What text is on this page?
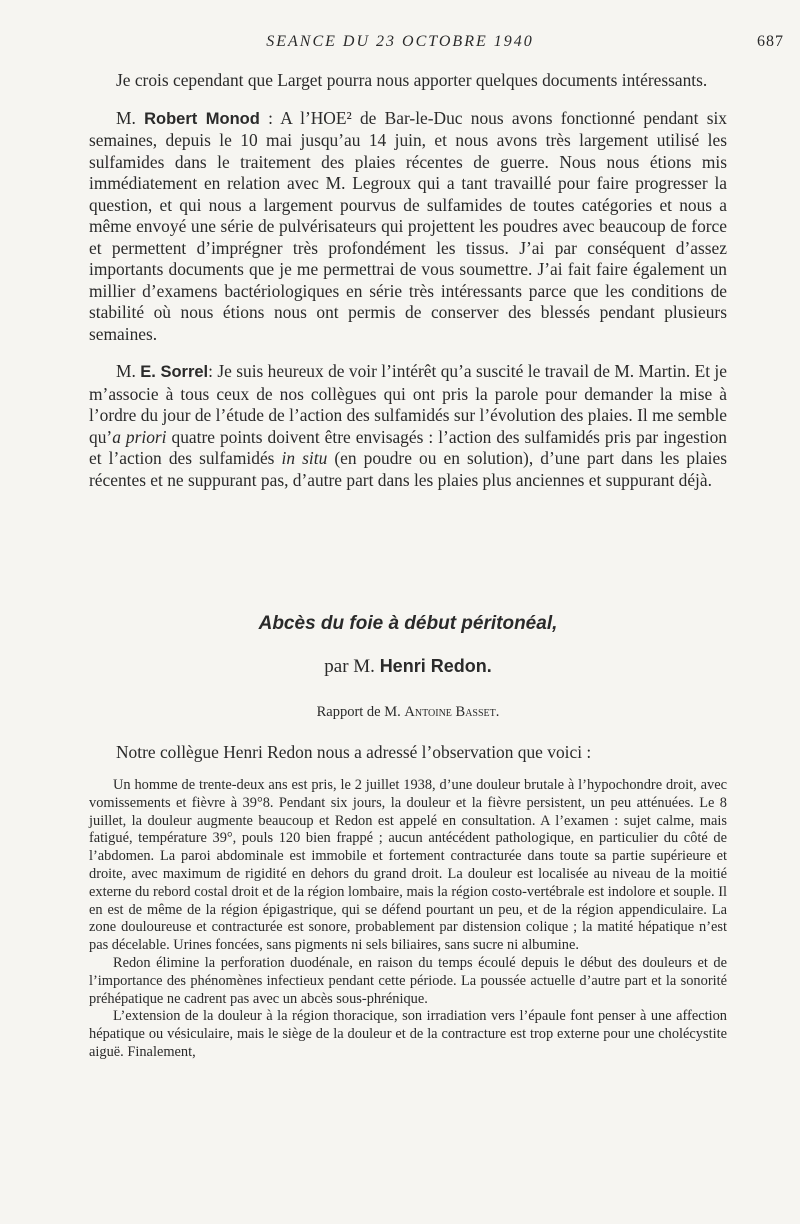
SEANCE DU 23 OCTOBRE 1940	687

Je crois cependant que Larget pourra nous apporter quelques documents intéressants.

M. Robert Monod : A l’HOE² de Bar-le-Duc nous avons fonctionné pendant six semaines, depuis le 10 mai jusqu’au 14 juin, et nous avons très largement utilisé les sulfamides dans le traitement des plaies récentes de guerre. Nous nous étions mis immédiatement en relation avec M. Legroux qui a tant travaillé pour faire progresser la question, et qui nous a largement pourvus de sulfamides de toutes catégories et nous a même envoyé une série de pulvérisateurs qui projettent les poudres avec beaucoup de force et permettent d’imprégner très profondément les tissus. J’ai par conséquent d’assez importants documents que je me permettrai de vous soumettre. J’ai fait faire également un millier d’examens bactériologiques en série très intéressants parce que les conditions de stabilité où nous étions nous ont permis de conserver des blessés pendant plusieurs semaines.

M. E. Sorrel: Je suis heureux de voir l’intérêt qu’a suscité le travail de M. Martin. Et je m’associe à tous ceux de nos collègues qui ont pris la parole pour demander la mise à l’ordre du jour de l’étude de l’action des sulfamidés sur l’évolution des plaies. Il me semble qu’a priori quatre points doivent être envisagés : l’action des sulfamidés pris par ingestion et l’action des sulfamidés in situ (en poudre ou en solution), d’une part dans les plaies récentes et ne suppurant pas, d’autre part dans les plaies plus anciennes et suppurant déjà.

Abcès du foie à début péritonéal,

par M. Henri Redon.

Rapport de M. Antoine Basset.

Notre collègue Henri Redon nous a adressé l’observation que voici :

Un homme de trente-deux ans est pris, le 2 juillet 1938, d’une douleur brutale à l’hypochondre droit, avec vomissements et fièvre à 39°8. Pendant six jours, la douleur et la fièvre persistent, un peu atténuées. Le 8 juillet, la douleur augmente beaucoup et Redon est appelé en consultation. A l’examen : sujet calme, mais fatigué, température 39°, pouls 120 bien frappé ; aucun antécédent pathologique, en particulier du côté de l’abdomen. La paroi abdominale est immobile et fortement contracturée dans toute sa partie supérieure et droite, avec maximum de rigidité en dehors du grand droit. La douleur est localisée au niveau de la moitié externe du rebord costal droit et de la région lombaire, mais la région costo-vertébrale est indolore et souple. Il en est de même de la région épigastrique, qui se défend pourtant un peu, et de la région appendiculaire. La zone douloureuse et contracturée est sonore, probablement par distension colique ; la matité hépatique n’est pas décelable. Urines foncées, sans pigments ni sels biliaires, sans sucre ni albumine.

Redon élimine la perforation duodénale, en raison du temps écoulé depuis le début des douleurs et de l’importance des phénomènes infectieux pendant cette période. La poussée actuelle d’autre part et la sonorité préhépatique ne cadrent pas avec un abcès sous-phrénique.

L’extension de la douleur à la région thoracique, son irradiation vers l’épaule font penser à une affection hépatique ou vésiculaire, mais le siège de la douleur et de la contracture est trop externe pour une cholécystite aiguë. Finalement,
